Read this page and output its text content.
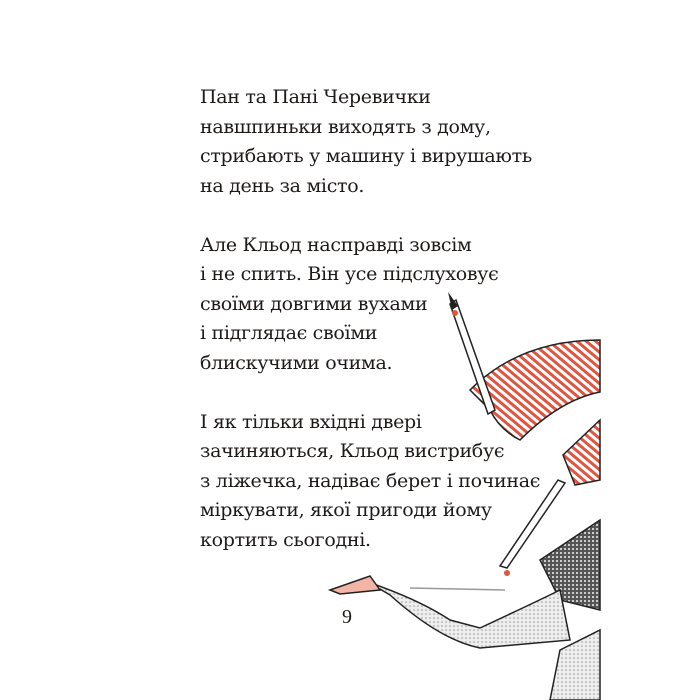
Пан та Пані Черевички
навшпиньки виходять з дому,
стрибають у машину і вирушають
на день за місто.

Але Кльод насправді зовсім
і не спить. Він усе підслуховує
своїми довгими вухами
і підглядає своїми
блискучими очима.

І як тільки вхідні двері
зачиняються, Кльод вистрибує
з ліжечка, надіває берет і починає
міркувати, якої пригоди йому
кортить сьогодні.

9
